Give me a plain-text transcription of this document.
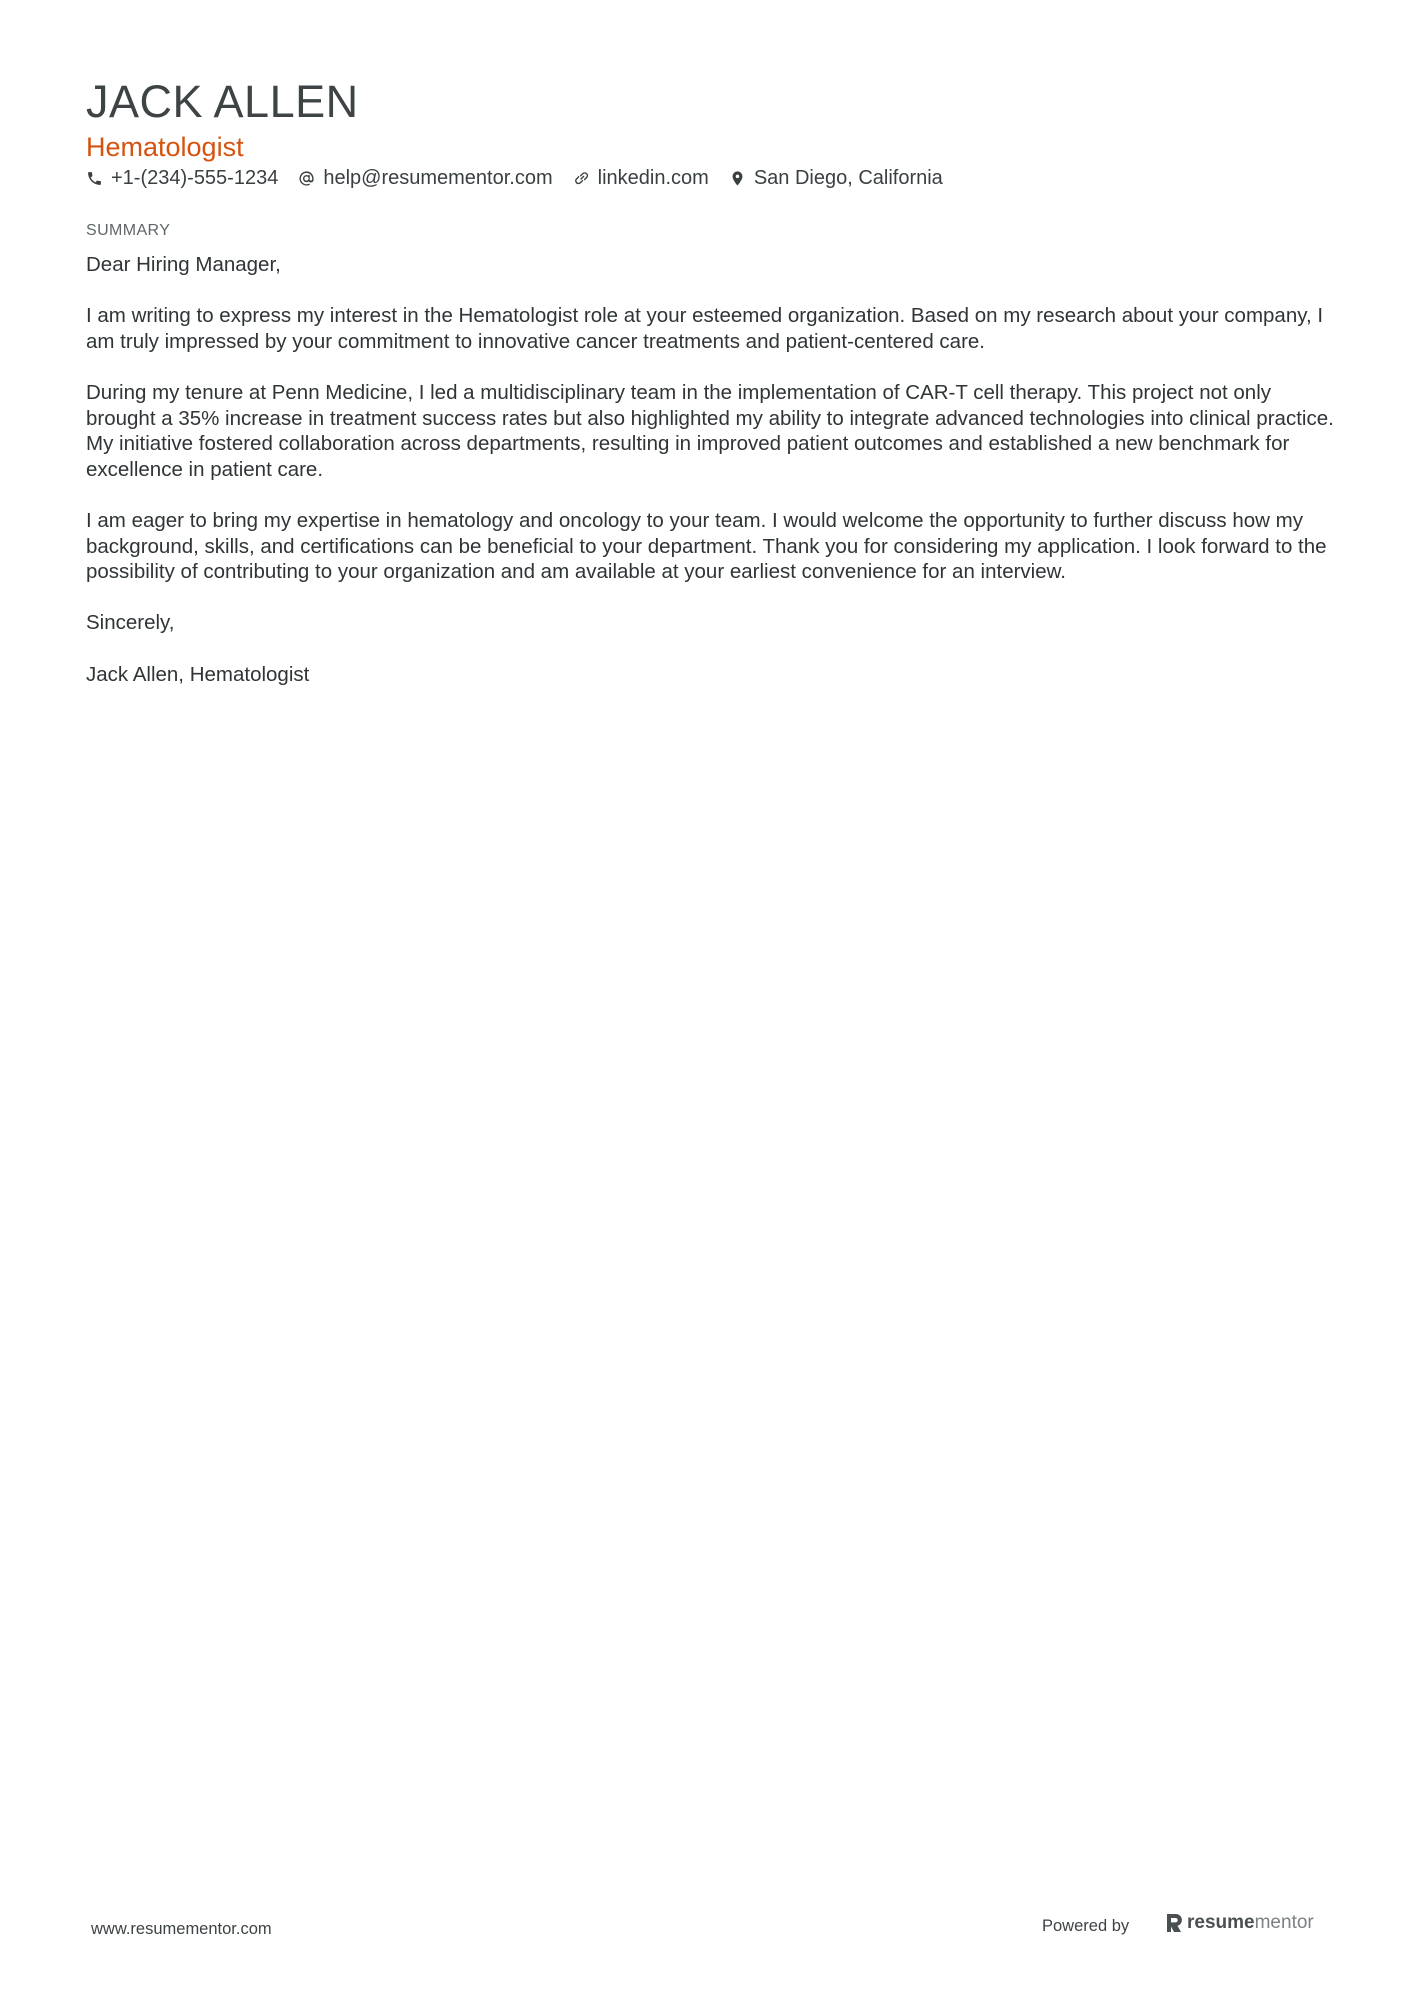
JACK ALLEN
Hematologist
+1-(234)-555-1234 help@resumementor.com linkedin.com San Diego, California
SUMMARY

Dear Hiring Manager,

I am writing to express my interest in the Hematologist role at your esteemed organization. Based on my research about your company, I am truly impressed by your commitment to innovative cancer treatments and patient-centered care.

During my tenure at Penn Medicine, I led a multidisciplinary team in the implementation of CAR-T cell therapy. This project not only brought a 35% increase in treatment success rates but also highlighted my ability to integrate advanced technologies into clinical practice. My initiative fostered collaboration across departments, resulting in improved patient outcomes and established a new benchmark for excellence in patient care.

I am eager to bring my expertise in hematology and oncology to your team. I would welcome the opportunity to further discuss how my background, skills, and certifications can be beneficial to your department. Thank you for considering my application. I look forward to the possibility of contributing to your organization and am available at your earliest convenience for an interview.

Sincerely,

Jack Allen, Hematologist

www.resumementor.com	Powered by	resume mentor
